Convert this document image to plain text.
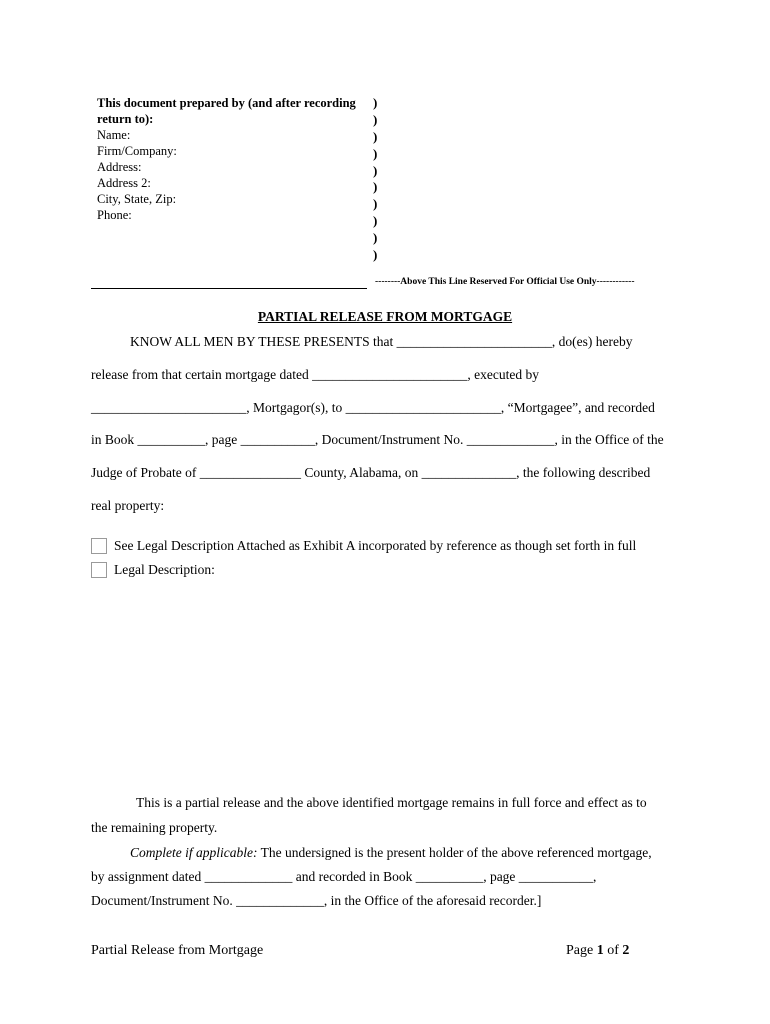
This document prepared by (and after recording return to):
Name:
Firm/Company:
Address:
Address 2:
City, State, Zip:
Phone:
)
)
)
)
)
)
)
)
)
)
--------Above This Line Reserved For Official Use Only------------
PARTIAL RELEASE FROM MORTGAGE
KNOW ALL MEN BY THESE PRESENTS that _______________________, do(es) hereby
release from that certain mortgage dated _______________________, executed by
_______________________, Mortgagor(s), to _______________________, “Mortgagee”, and recorded
in Book __________, page ___________, Document/Instrument No. _____________, in the Office of the
Judge of Probate of _______________ County, Alabama, on ______________, the following described
real property:
See Legal Description Attached as Exhibit A incorporated by reference as though set forth in full
Legal Description:
This is a partial release and the above identified mortgage remains in full force and effect as to
the remaining property.
Complete if applicable: The undersigned is the present holder of the above referenced mortgage,
by assignment dated _____________ and recorded in Book __________, page ___________,
Document/Instrument No. _____________, in the Office of the aforesaid recorder.]
Partial Release from Mortgage	Page 1 of 2
